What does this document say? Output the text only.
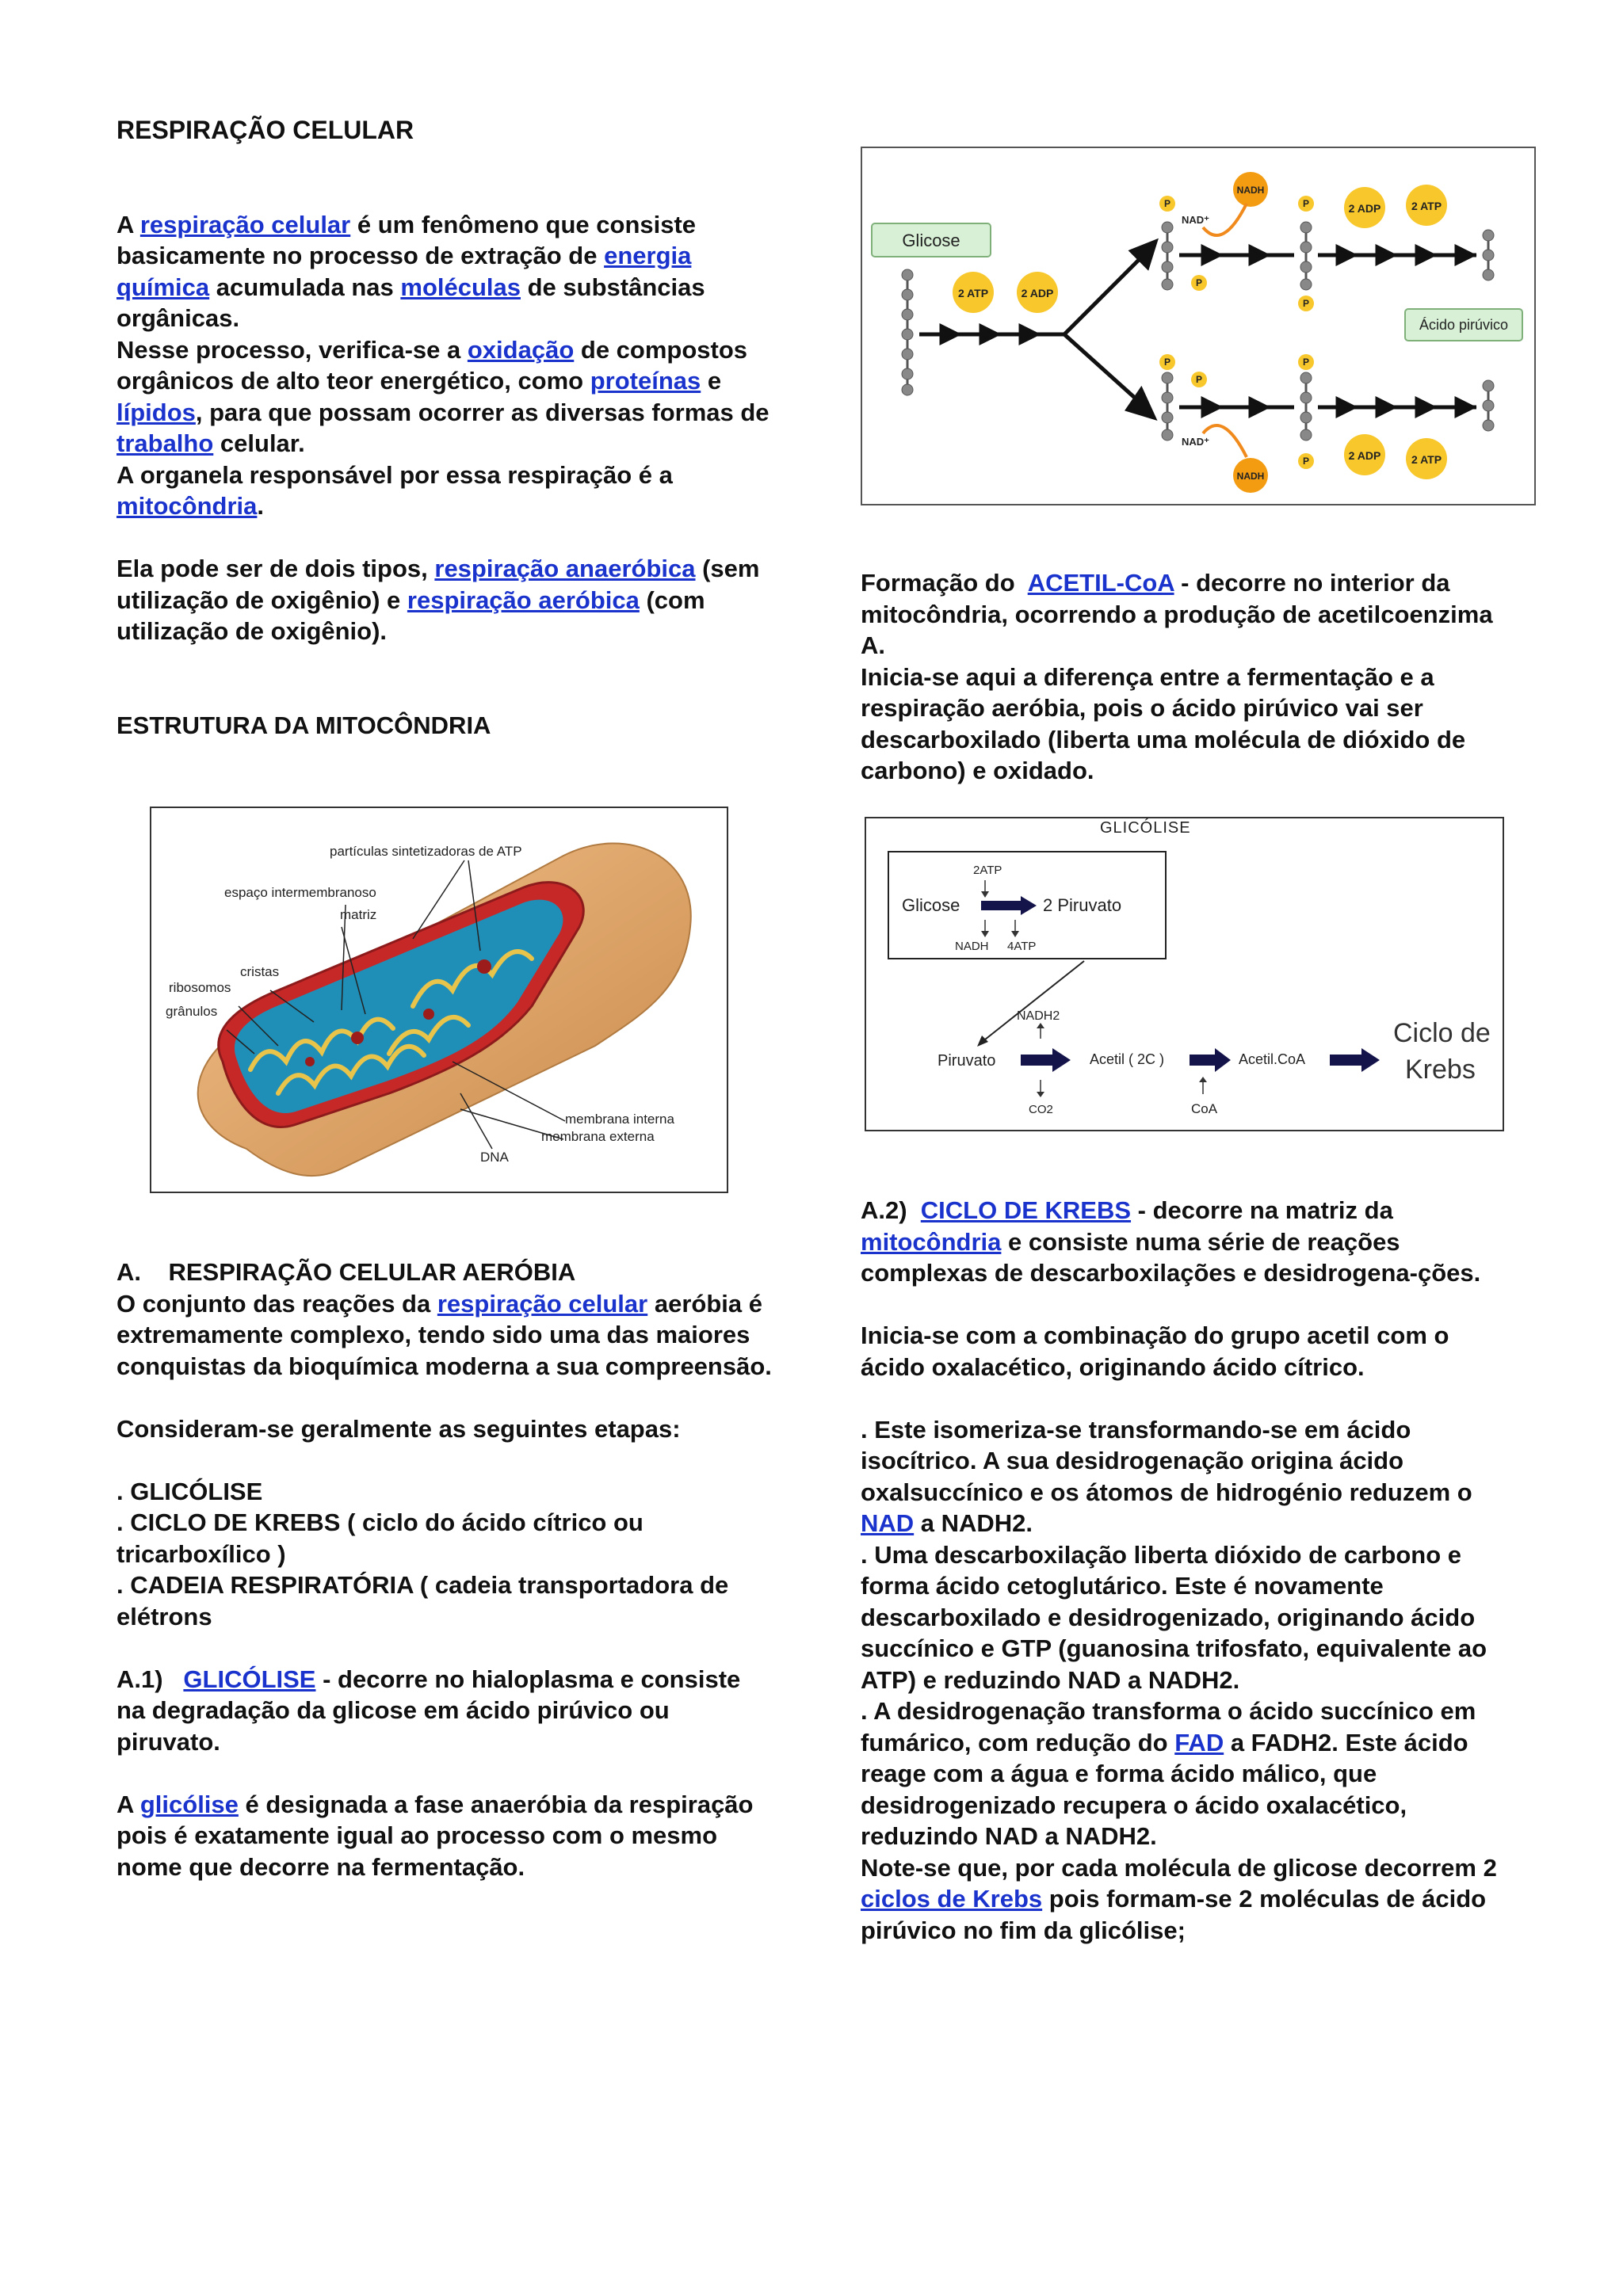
RESPIRAÇÃO CELULAR

A respiração celular é um fenômeno que consiste basicamente no processo de extração de energia química acumulada nas moléculas de substâncias orgânicas.

Nesse processo, verifica-se a oxidação de compostos orgânicos de alto teor energético, como proteínas e lípidos, para que possam ocorrer as diversas formas de trabalho celular.

A organela responsável por essa respiração é a mitocôndria.

Ela pode ser de dois tipos, respiração anaeróbica (sem utilização de oxigênio) e respiração aeróbica (com utilização de oxigênio).

ESTRUTURA DA MITOCÔNDRIA

partículas sintetizadoras de ATP
espaço intermembranoso
matriz
cristas
ribosomos
grânulos
membrana interna
membrana externa
DNA

A.    RESPIRAÇÃO CELULAR AERÓBIA

O conjunto das reações da respiração celular aeróbia é extremamente complexo, tendo sido uma das maiores conquistas da bioquímica moderna a sua compreensão.

Consideram-se geralmente as seguintes etapas:

. GLICÓLISE

. CICLO DE KREBS ( ciclo do ácido cítrico ou tricarboxílico )

. CADEIA RESPIRATÓRIA ( cadeia transportadora de elétrons

A.1)   GLICÓLISE - decorre no hialoplasma e consiste na degradação da glicose em ácido pirúvico ou piruvato.

A glicólise é designada a fase anaeróbia da respiração pois é exatamente igual ao processo com o mesmo nome que decorre na fermentação.

Glicose
Ácido pirúvico
2 ATP	2 ADP
2 ADP	2 ATP
2 ADP	2 ATP
NADH
NADH
NAD⁺
NAD⁺
P
P
P
P
P
P
P
P

Formação do  ACETIL-CoA - decorre no interior da mitocôndria, ocorrendo a produção de acetilcoenzima A.

Inicia-se aqui a diferença entre a fermentação e a respiração aeróbia, pois o ácido pirúvico vai ser descarboxilado (liberta uma molécula de dióxido de carbono) e oxidado.

GLICÓLISE
2ATP
Glicose	2 Piruvato
NADH 4ATP
NADH2
Piruvato
CO2
Acetil ( 2C )	Acetil.CoA
CoA
Ciclo de
Krebs

A.2)  CICLO DE KREBS - decorre na matriz da mitocôndria e consiste numa série de reações complexas de descarboxilações e desidrogena-ções.

Inicia-se com a combinação do grupo acetil com o ácido oxalacético, originando ácido cítrico.

. Este isomeriza-se transformando-se em ácido isocítrico. A sua desidrogenação origina ácido oxalsuccínico e os átomos de hidrogénio reduzem o NAD a NADH2.

. Uma descarboxilação liberta dióxido de carbono e forma ácido cetoglutárico. Este é novamente descarboxilado e desidrogenizado, originando ácido succínico e GTP (guanosina trifosfato, equivalente ao ATP) e reduzindo NAD a NADH2.

. A desidrogenação transforma o ácido succínico em fumárico, com redução do FAD a FADH2. Este ácido reage com a água e forma ácido málico, que desidrogenizado recupera o ácido oxalacético, reduzindo NAD a NADH2.

Note-se que, por cada molécula de glicose decorrem 2 ciclos de Krebs pois formam-se 2 moléculas de ácido pirúvico no fim da glicólise;
